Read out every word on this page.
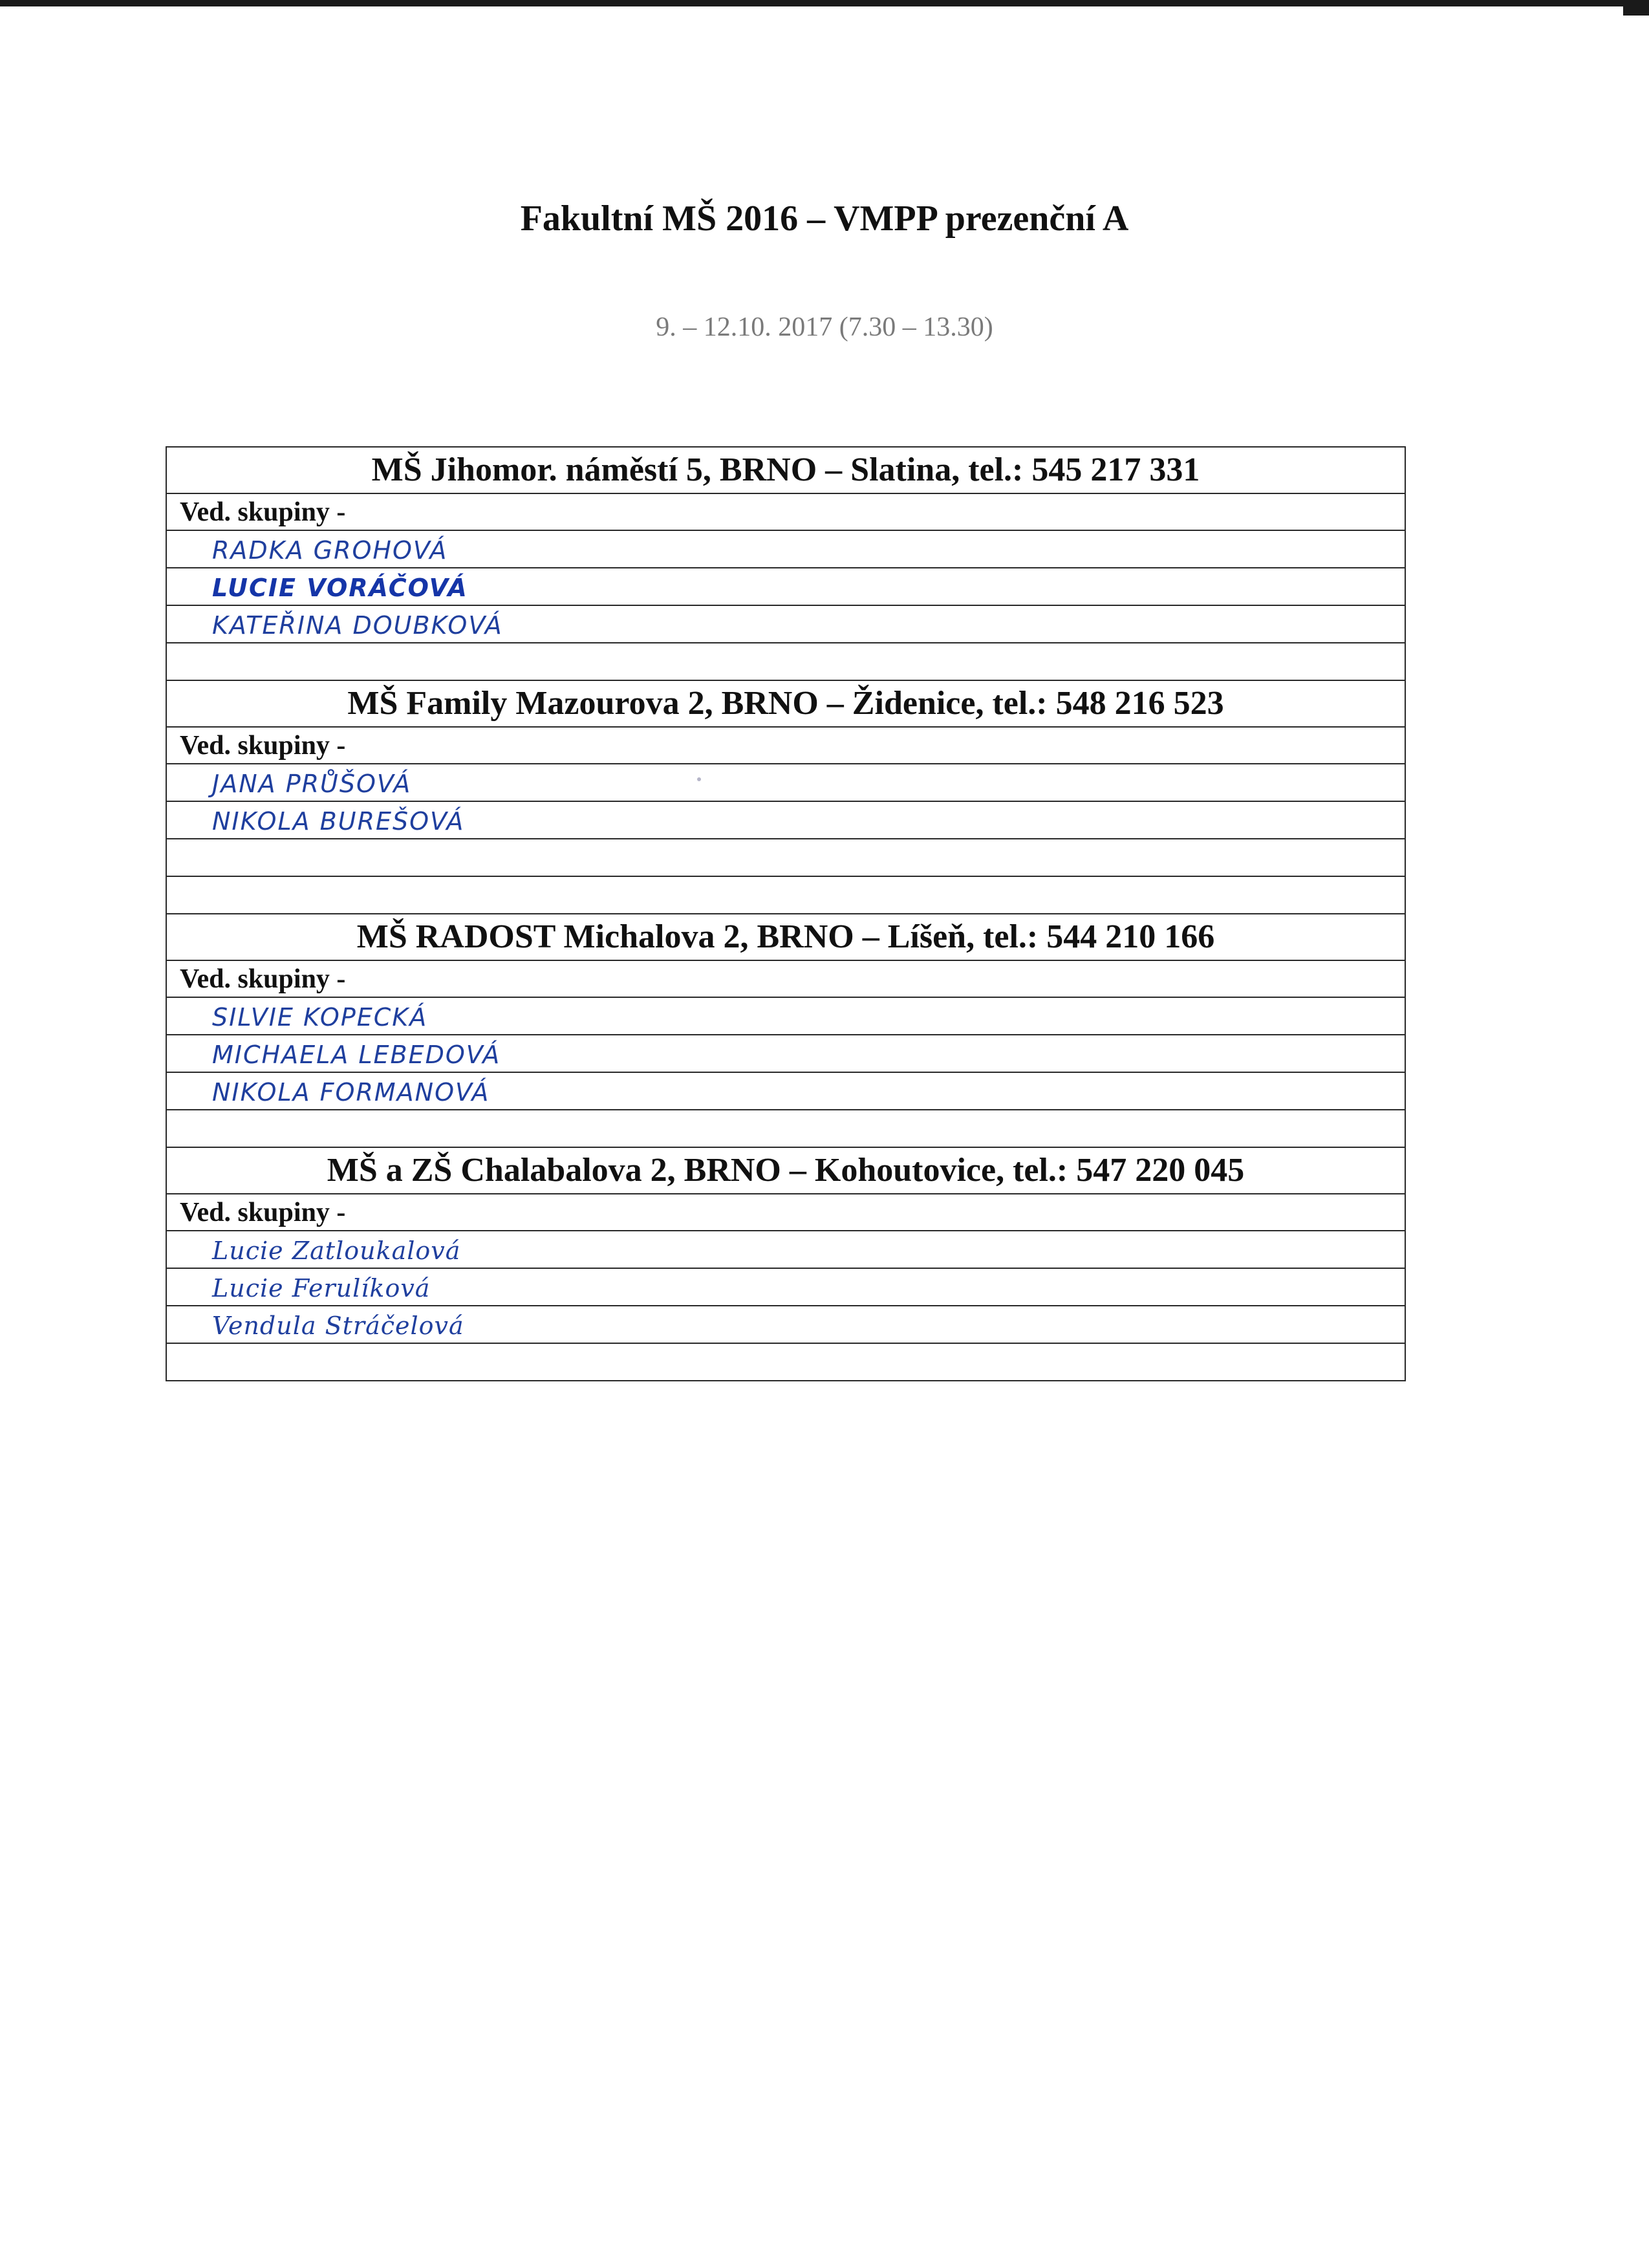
Fakultní MŠ 2016 – VMPP prezenční A
9. – 12.10. 2017 (7.30 – 13.30)
MŠ Jihomor. náměstí 5, BRNO – Slatina, tel.: 545 217 331
Ved. skupiny -

RADKA GROHOVÁ

LUCIE VORÁČOVÁ

KATEŘINA DOUBKOVÁ

MŠ Family Mazourova 2, BRNO – Židenice, tel.: 548 216 523
Ved. skupiny -

JANA PRŮŠOVÁ

NIKOLA BUREŠOVÁ

MŠ RADOST Michalova 2, BRNO – Líšeň, tel.: 544 210 166
Ved. skupiny -

SILVIE KOPECKÁ

MICHAELA LEBEDOVÁ

NIKOLA FORMANOVÁ

MŠ a ZŠ Chalabalova 2, BRNO – Kohoutovice, tel.: 547 220 045
Ved. skupiny -

Lucie Zatloukalová

Lucie Ferulíková

Vendula Stráčelová
